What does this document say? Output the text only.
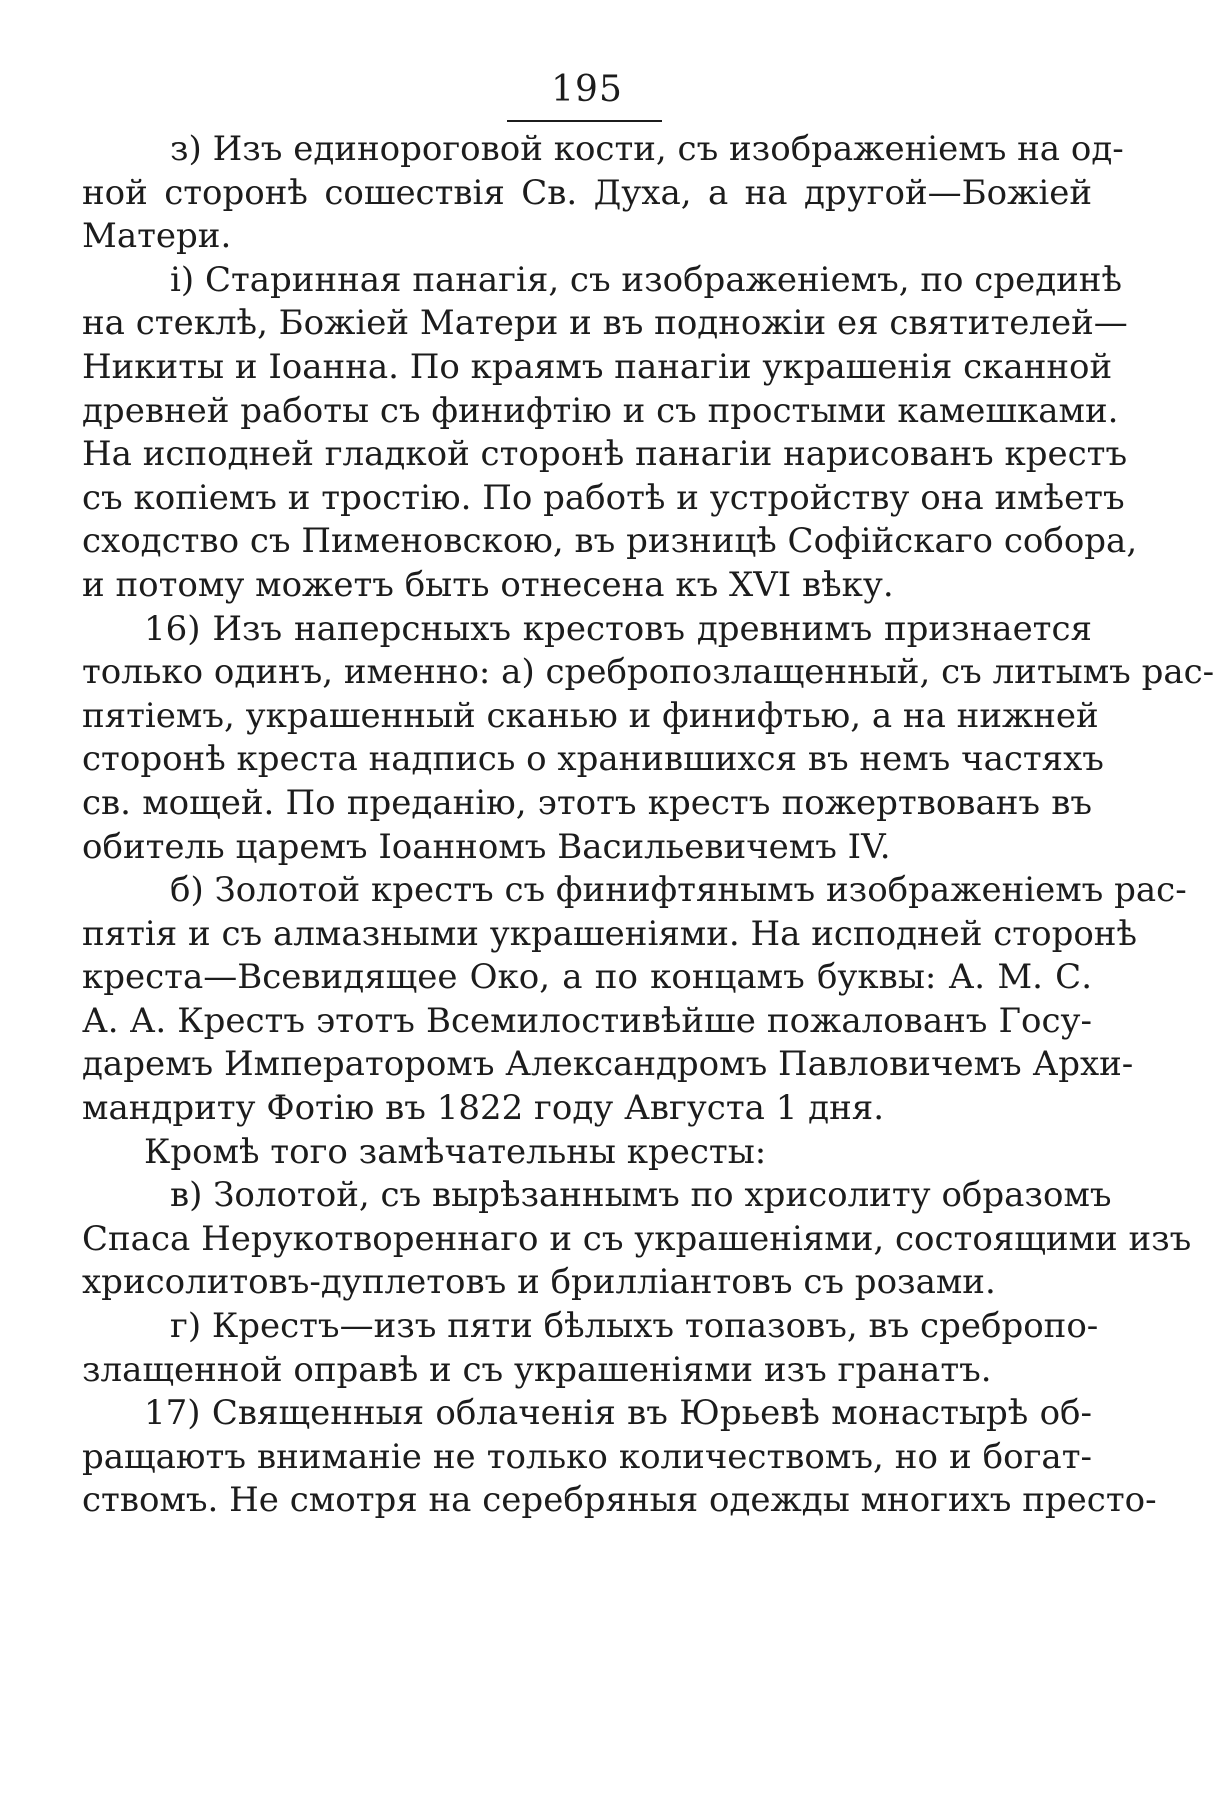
195
з) Изъ единороговой кости, съ изображеніемъ на од-
ной сторонѣ сошествія Св. Духа, а на другой—Божіей
Матери.
і) Старинная панагія, съ изображеніемъ, по срединѣ
на стеклѣ, Божіей Матери и въ подножіи ея святителей—
Никиты и Іоанна. По краямъ панагіи украшенія сканной
древней работы съ финифтію и съ простыми камешками.
На исподней гладкой сторонѣ панагіи нарисованъ крестъ
съ копіемъ и тростію. По работѣ и устройству она имѣетъ
сходство съ Пименовскою, въ ризницѣ Софійскаго собора,
и потому можетъ быть отнесена къ XVI вѣку.
16) Изъ наперсныхъ крестовъ древнимъ признается
только одинъ, именно: а) сребропозлащенный, съ литымъ рас-
пятіемъ, украшенный сканью и финифтью, а на нижней
сторонѣ креста надпись о хранившихся въ немъ частяхъ
св. мощей. По преданію, этотъ крестъ пожертвованъ въ
обитель царемъ Іоанномъ Васильевичемъ IV.
б) Золотой крестъ съ финифтянымъ изображеніемъ рас-
пятія и съ алмазными украшеніями. На исподней сторонѣ
креста—Всевидящее Око, а по концамъ буквы: А. М. С.
А. А. Крестъ этотъ Всемилостивѣйше пожалованъ Госу-
даремъ Императоромъ Александромъ Павловичемъ Архи-
мандриту Фотію въ 1822 году Августа 1 дня.
Кромѣ того замѣчательны кресты:
в) Золотой, съ вырѣзаннымъ по хрисолиту образомъ
Спаса Нерукотвореннаго и съ украшеніями, состоящими изъ
хрисолитовъ-дуплетовъ и брилліантовъ съ розами.
г) Крестъ—изъ пяти бѣлыхъ топазовъ, въ сребропо-
злащенной оправѣ и съ украшеніями изъ гранатъ.
17) Священныя облаченія въ Юрьевѣ монастырѣ об-
ращаютъ вниманіе не только количествомъ, но и богат-
ствомъ. Не смотря на серебряныя одежды многихъ престо-
